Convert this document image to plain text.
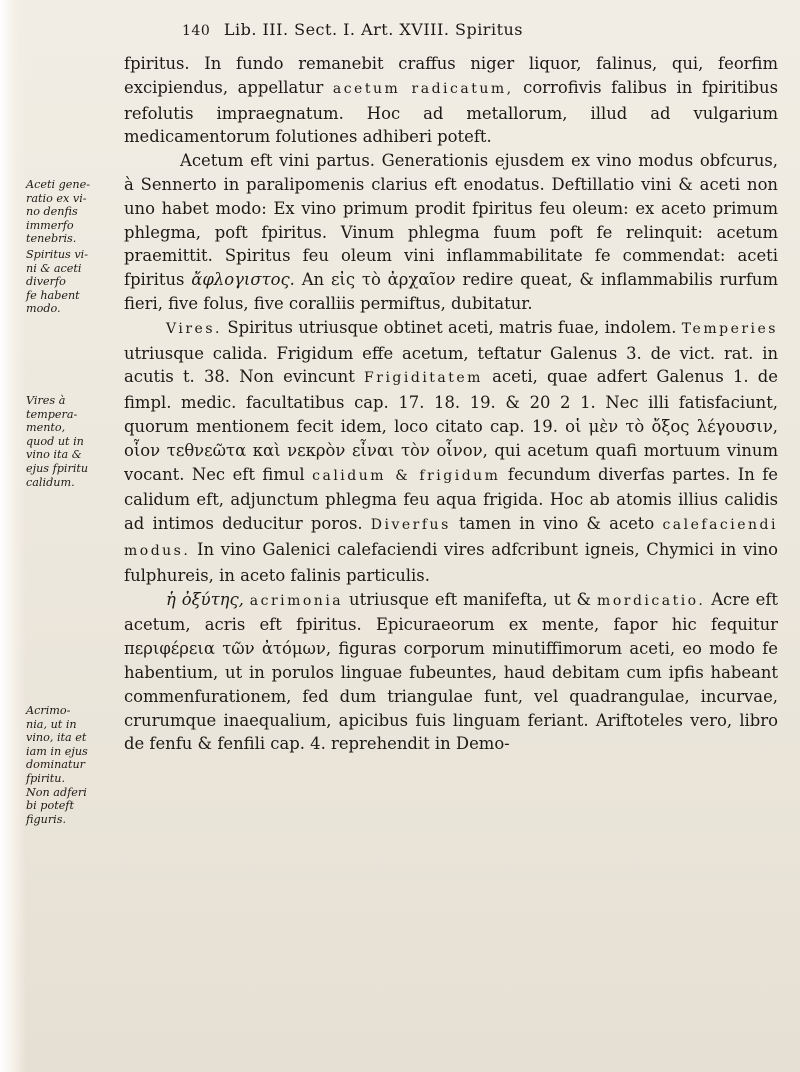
140 Lib. III. Sect. I. Art. XVIII. Spiritus
Aceti gene-
ratio ex vi-
no denfis
immerfo
tenebris.
Spiritus vi-
ni & aceti
diverfo
fe habent
modo.
Vires à
tempera-
mento,
quod ut in
vino ita &
ejus fpiritu
calidum.
Acrimo-
nia, ut in
vino, ita et
iam in ejus
dominatur
fpiritu.
Non adferi
bi poteft
figuris.

fpiritus. In fundo remanebit craffus niger liquor, falinus, qui, feorfim excipiendus, appellatur acetum radicatum, corrofivis falibus in fpiritibus refolutis impraegnatum. Hoc ad metallorum, illud ad vulgarium medicamentorum folutiones adhiberi poteft.

Acetum eft vini partus. Generationis ejusdem ex vino modus obfcurus, à Sennerto in paralipomenis clarius eft enodatus. Deftillatio vini & aceti non uno habet modo: Ex vino primum prodit fpiritus feu oleum: ex aceto primum phlegma, poft fpiritus. Vinum phlegma fuum poft fe relinquit: acetum praemittit. Spiritus feu oleum vini inflammabilitate fe commendat: aceti fpiritus ἄφλογιστος. An εἰς τὸ ἀρχαῖον redire queat, & inflammabilis rurfum fieri, five folus, five coralliis permiftus, dubitatur.

Vires. Spiritus utriusque obtinet aceti, matris fuae, indolem. Temperies utriusque calida. Frigidum effe acetum, teftatur Galenus 3. de vict. rat. in acutis t. 38. Non evincunt Frigiditatem aceti, quae adfert Galenus 1. de fimpl. medic. facultatibus cap. 17. 18. 19. & 20 2 1. Nec illi fatisfaciunt, quorum mentionem fecit idem, loco citato cap. 19. οἱ μὲν τὸ ὄξος λέγουσιν, οἷον τεθνεῶτα καὶ νεκρὸν εἶναι τὸν οἶνον, qui acetum quafi mortuum vinum vocant. Nec eft fimul calidum & frigidum fecundum diverfas partes. In fe calidum eft, adjunctum phlegma feu aqua frigida. Hoc ab atomis illius calidis ad intimos deducitur poros. Diverfus tamen in vino & aceto calefaciendi modus. In vino Galenici calefaciendi vires adfcribunt igneis, Chymici in vino fulphureis, in aceto falinis particulis.

ἡ ὀξύτης, acrimonia utriusque eft manifefta, ut & mordicatio. Acre eft acetum, acris eft fpiritus. Epicuraeorum ex mente, fapor hic fequitur περιφέρεια τῶν ἀτόμων, figuras corporum minutiffimorum aceti, eo modo fe habentium, ut in porulos linguae fubeuntes, haud debitam cum ipfis habeant commenfurationem, fed dum triangulae funt, vel quadrangulae, incurvae, crurumque inaequalium, apicibus fuis linguam feriant. Ariftoteles vero, libro de fenfu & fenfili cap. 4. reprehendit in Demo-
